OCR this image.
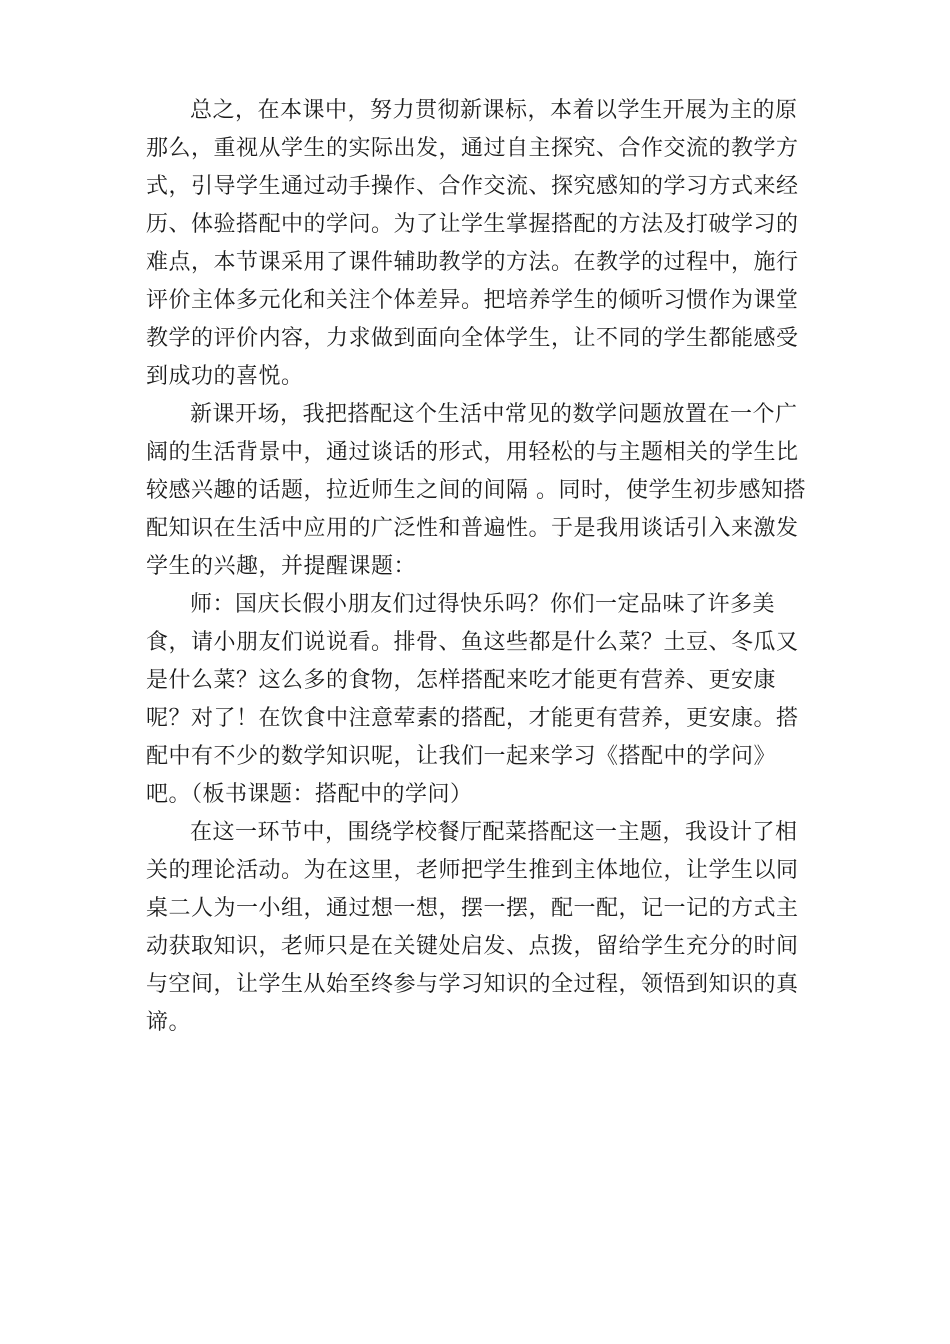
总之，在本课中，努力贯彻新课标，本着以学生开展为主的原
那么，重视从学生的实际出发，通过自主探究、合作交流的教学方
式，引导学生通过动手操作、合作交流、探究感知的学习方式来经
历、体验搭配中的学问。为了让学生掌握搭配的方法及打破学习的
难点，本节课采用了课件辅助教学的方法。在教学的过程中，施行
评价主体多元化和关注个体差异。把培养学生的倾听习惯作为课堂
教学的评价内容，力求做到面向全体学生，让不同的学生都能感受
到成功的喜悦。
新课开场，我把搭配这个生活中常见的数学问题放置在一个广
阔的生活背景中，通过谈话的形式，用轻松的与主题相关的学生比
较感兴趣的话题，拉近师生之间的间隔 。同时，使学生初步感知搭
配知识在生活中应用的广泛性和普遍性。于是我用谈话引入来激发
学生的兴趣，并提醒课题：
师：国庆长假小朋友们过得快乐吗？你们一定品味了许多美
食，请小朋友们说说看。排骨、鱼这些都是什么菜？土豆、冬瓜又
是什么菜？这么多的食物，怎样搭配来吃才能更有营养、更安康
呢？对了！在饮食中注意荤素的搭配，才能更有营养，更安康。搭
配中有不少的数学知识呢，让我们一起来学习《搭配中的学问》
吧。（板书课题：搭配中的学问）
在这一环节中，围绕学校餐厅配菜搭配这一主题，我设计了相
关的理论活动。为在这里，老师把学生推到主体地位，让学生以同
桌二人为一小组，通过想一想，摆一摆，配一配，记一记的方式主
动获取知识，老师只是在关键处启发、点拨，留给学生充分的时间
与空间，让学生从始至终参与学习知识的全过程，领悟到知识的真
谛。
